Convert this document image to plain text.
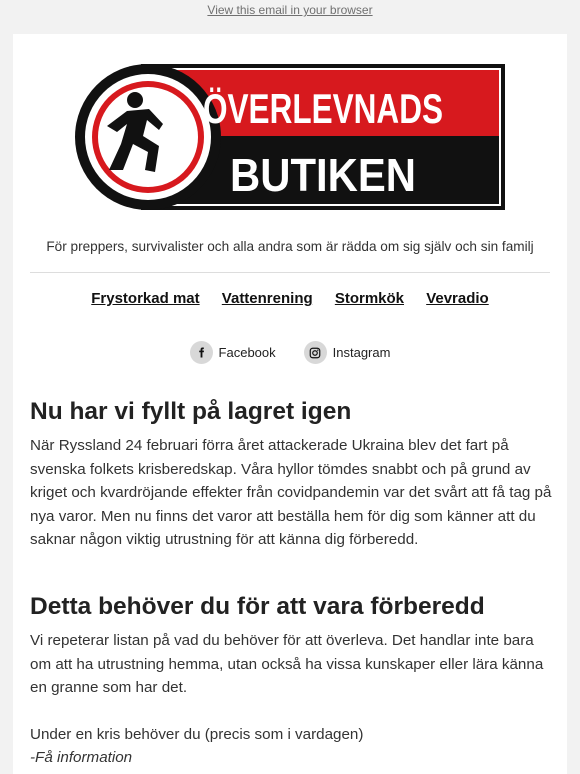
View this email in your browser
ÖVERLEVNADS
BUTIKEN
För preppers, survivalister och alla andra som är rädda om sig själv och sin familj
Frystorkad mat Vattenrening Stormkök Vevradio
Facebook	Instagram
Nu har vi fyllt på lagret igen

När Ryssland 24 februari förra året attackerade Ukraina blev det fart på svenska folkets krisberedskap. Våra hyllor tömdes snabbt och på grund av kriget och kvardröjande effekter från covidpandemin var det svårt att få tag på nya varor. Men nu finns det varor att beställa hem för dig som känner att du saknar någon viktig utrustning för att känna dig förberedd.

Detta behöver du för att vara förberedd

Vi repeterar listan på vad du behöver för att överleva. Det handlar inte bara om att ha utrustning hemma, utan också ha vissa kunskaper eller lära känna en granne som har det.

Under en kris behöver du (precis som i vardagen)

-Få information
